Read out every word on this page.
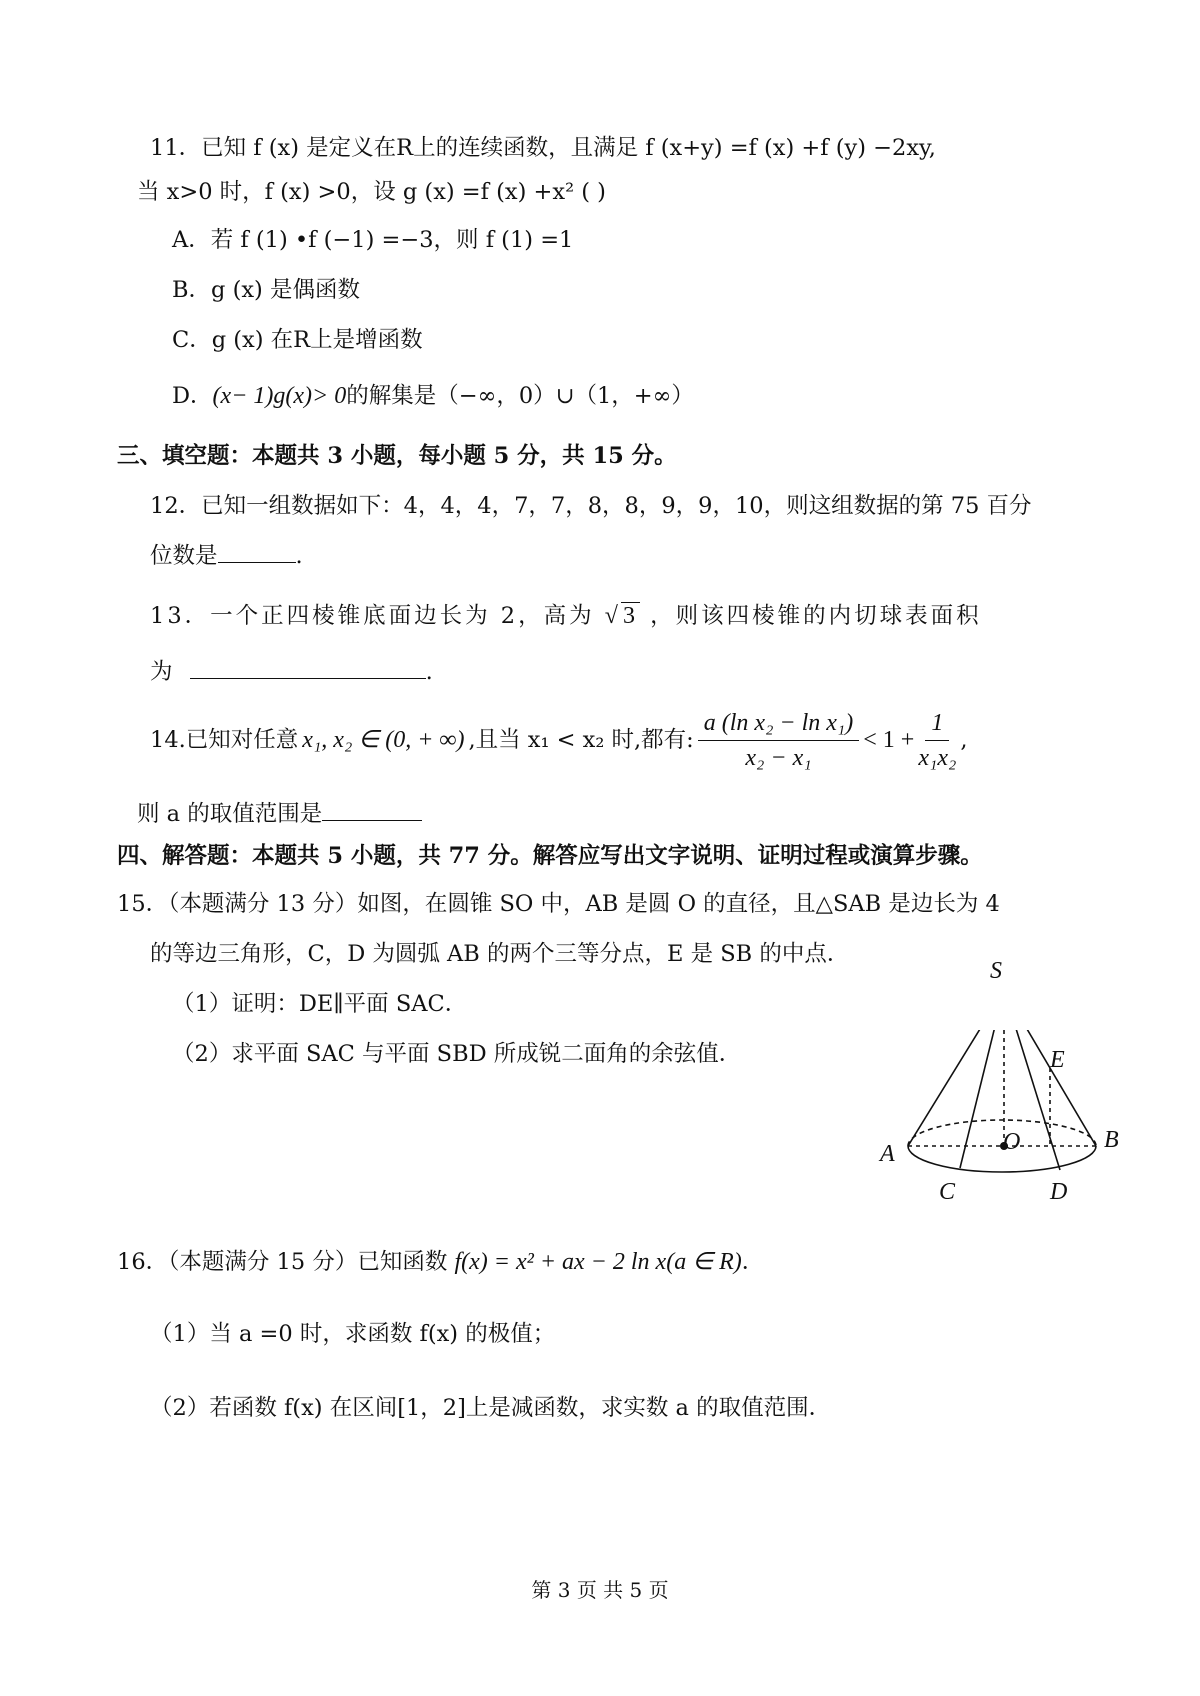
11．已知 f (x) 是定义在R上的连续函数，且满足 f (x+y) =f (x) +f (y) −2xy,
当 x>0 时，f (x) >0，设 g (x) =f (x) +x² ( )
A．若 f (1) •f (−1) =−3，则 f (1) =1
B．g (x) 是偶函数
C．g (x) 在R上是增函数
D．(x− 1)g(x)> 0的解集是（−∞，0）∪（1，+∞）
三、填空题：本题共 3 小题，每小题 5 分，共 15 分。
12．已知一组数据如下：4，4，4，7，7，8，8，9，9，10，则这组数据的第 75 百分
位数是	.
13．一个正四棱锥底面边长为 2，高为 √3 ，则该四棱锥的内切球表面积
为	.
14.已知对任意 x₁, x₂ ∈ (0, + ∞) ,且当 x₁ < x₂ 时,都有: $\frac{\text{a (ln x₂ − ln x₁)}}{\text{x₂ − x₁}} < 1 + \frac{1}{\text{x₁x₂}}$ ,
则 a 的取值范围是
四、解答题：本题共 5 小题，共 77 分。解答应写出文字说明、证明过程或演算步骤。
15．（本题满分 13 分）如图，在圆锥 SO 中，AB 是圆 O 的直径，且△SAB 是边长为 4
的等边三角形，C，D 为圆弧 AB 的两个三等分点，E 是 SB 的中点．
（1）证明：DE∥平面 SAC．
（2）求平面 SAC 与平面 SBD 所成锐二面角的余弦值．
S
E
O
A
B
C	D
16．（本题满分 15 分）已知函数 f(x) = x² + ax − 2 ln x(a ∈ R)．
（1）当 a =0 时，求函数 f(x) 的极值；
（2）若函数 f(x) 在区间[1，2]上是减函数，求实数 a 的取值范围．
第 3 页 共 5 页
